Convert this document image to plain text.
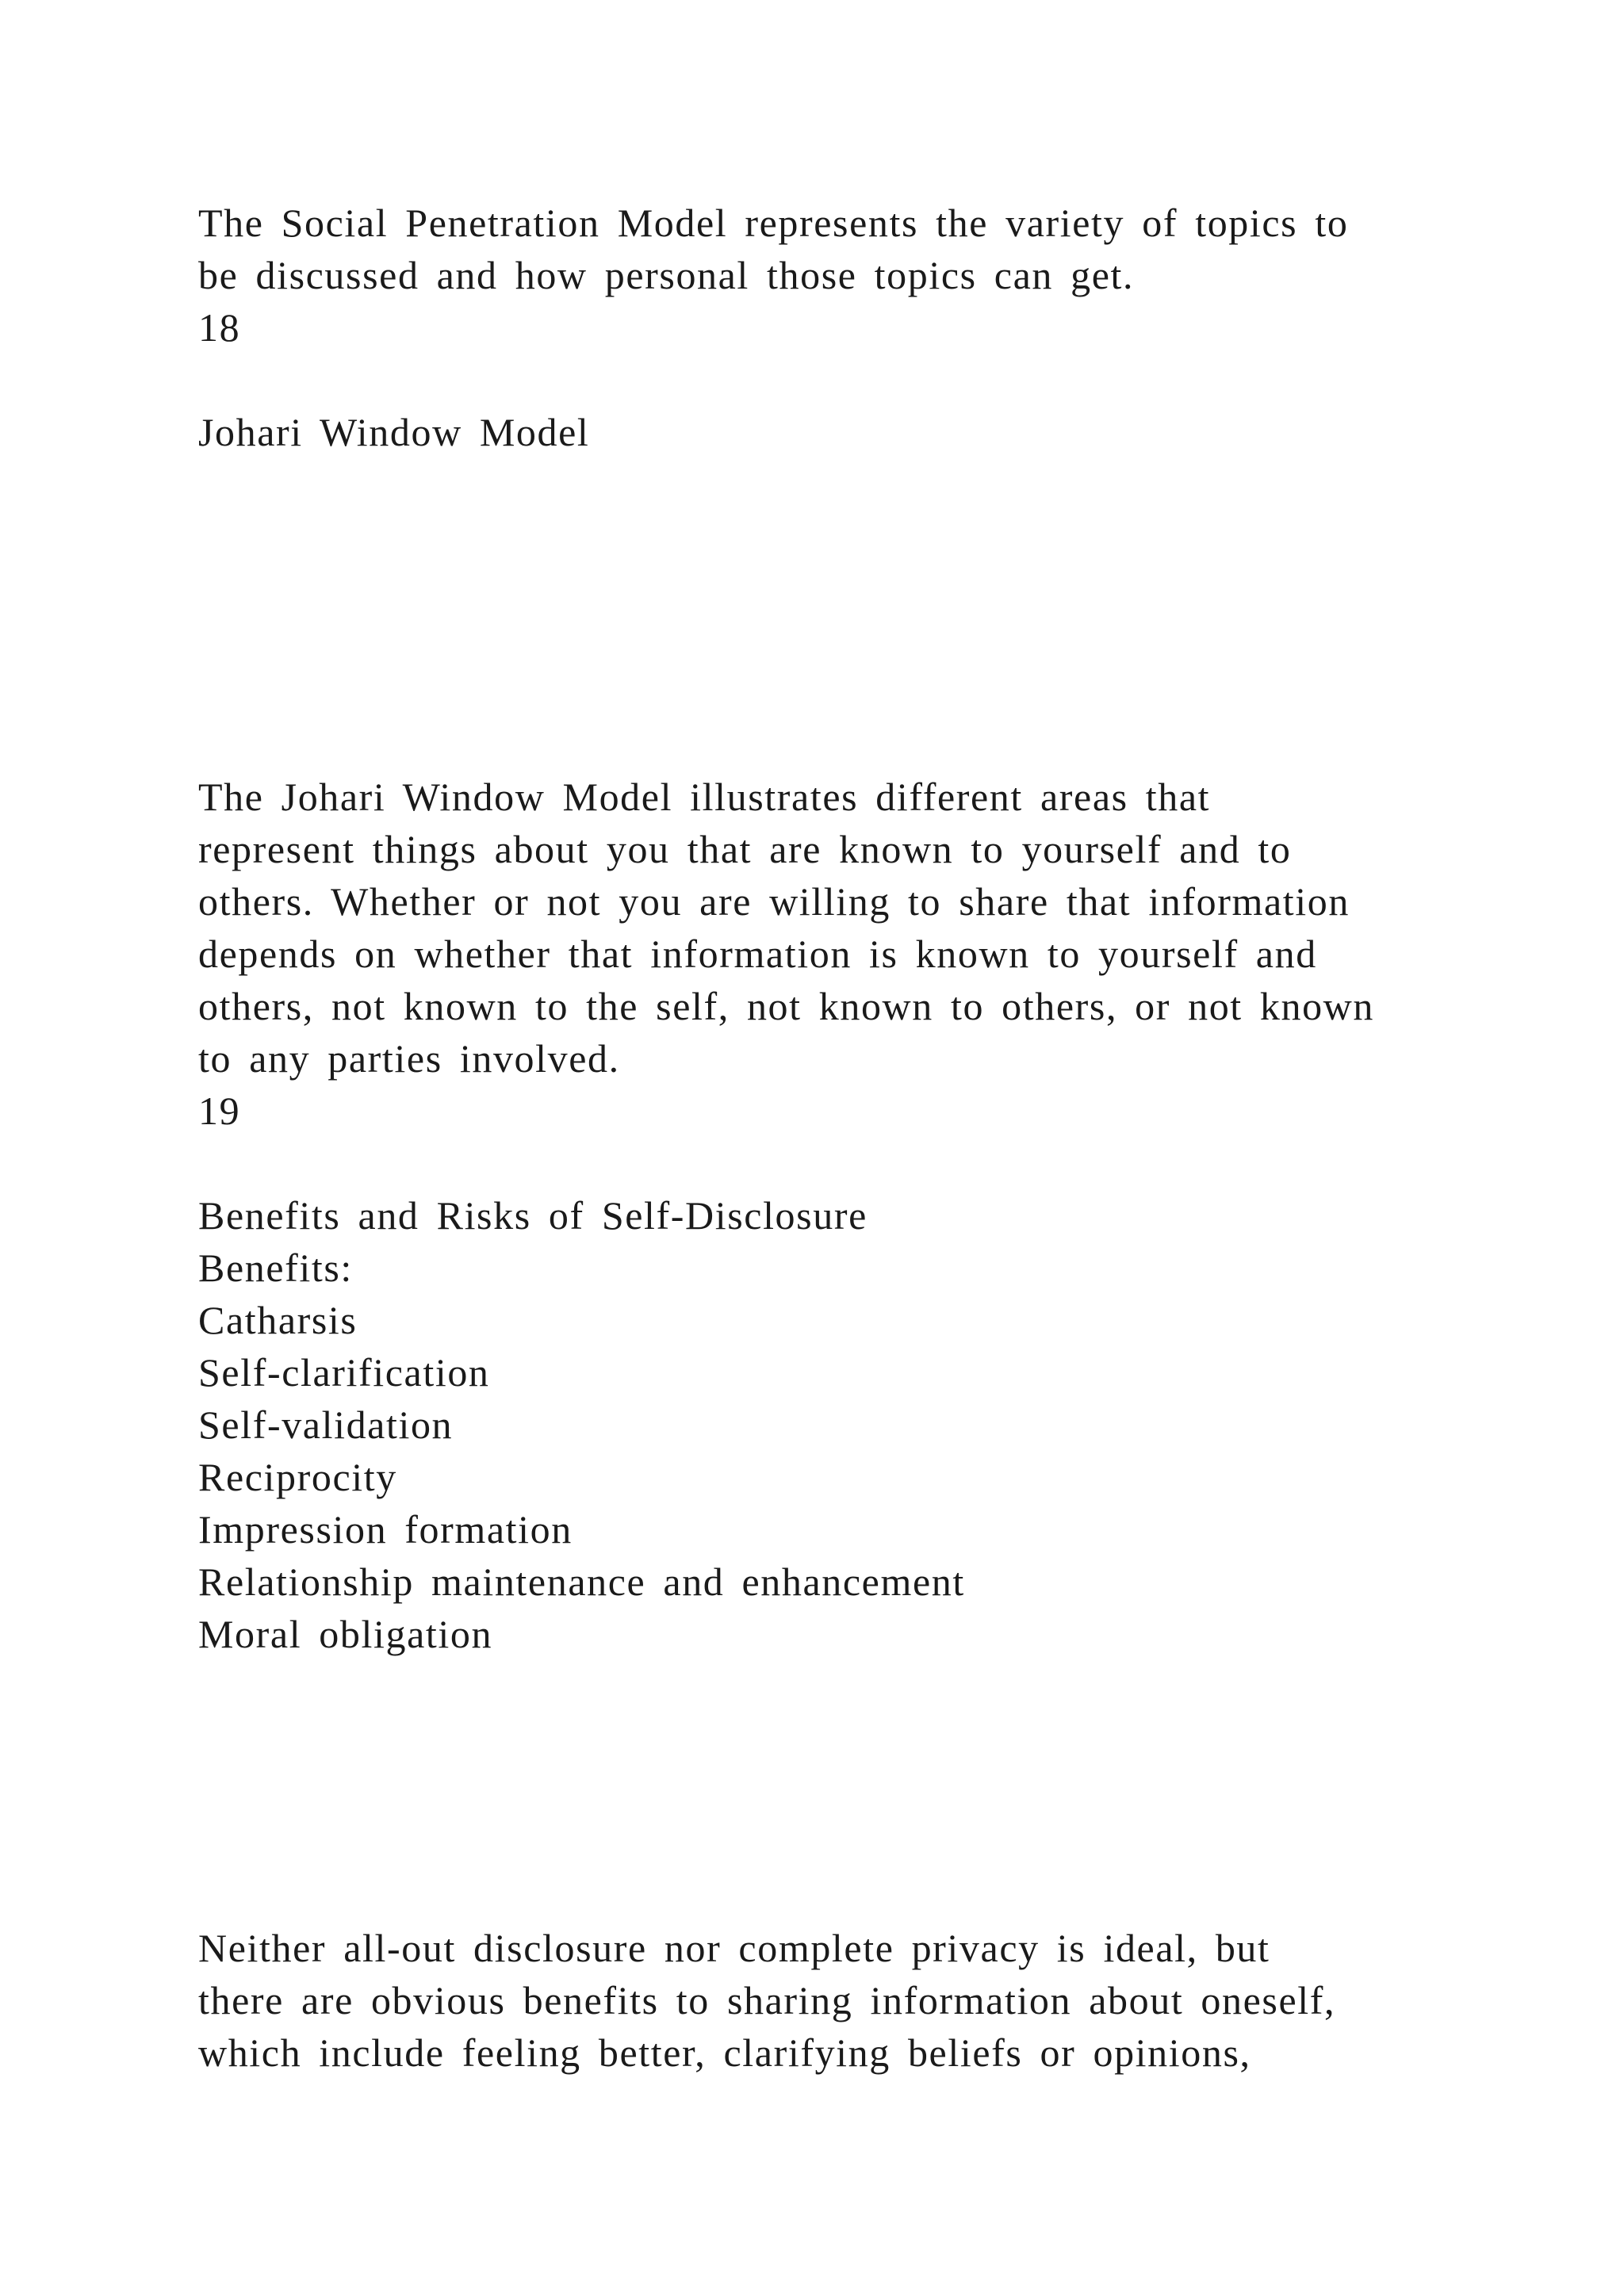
The Social Penetration Model represents the variety of topics to
be discussed and how personal those topics can get.
18
Johari Window Model
The Johari Window Model illustrates different areas that
represent things about you that are known to yourself and to
others. Whether or not you are willing to share that information
depends on whether that information is known to yourself and
others, not known to the self, not known to others, or not known
to any parties involved.
19
Benefits and Risks of Self-Disclosure
Benefits:
Catharsis
Self-clarification
Self-validation
Reciprocity
Impression formation
Relationship maintenance and enhancement
Moral obligation
Neither all-out disclosure nor complete privacy is ideal, but
there are obvious benefits to sharing information about oneself,
which include feeling better, clarifying beliefs or opinions,
